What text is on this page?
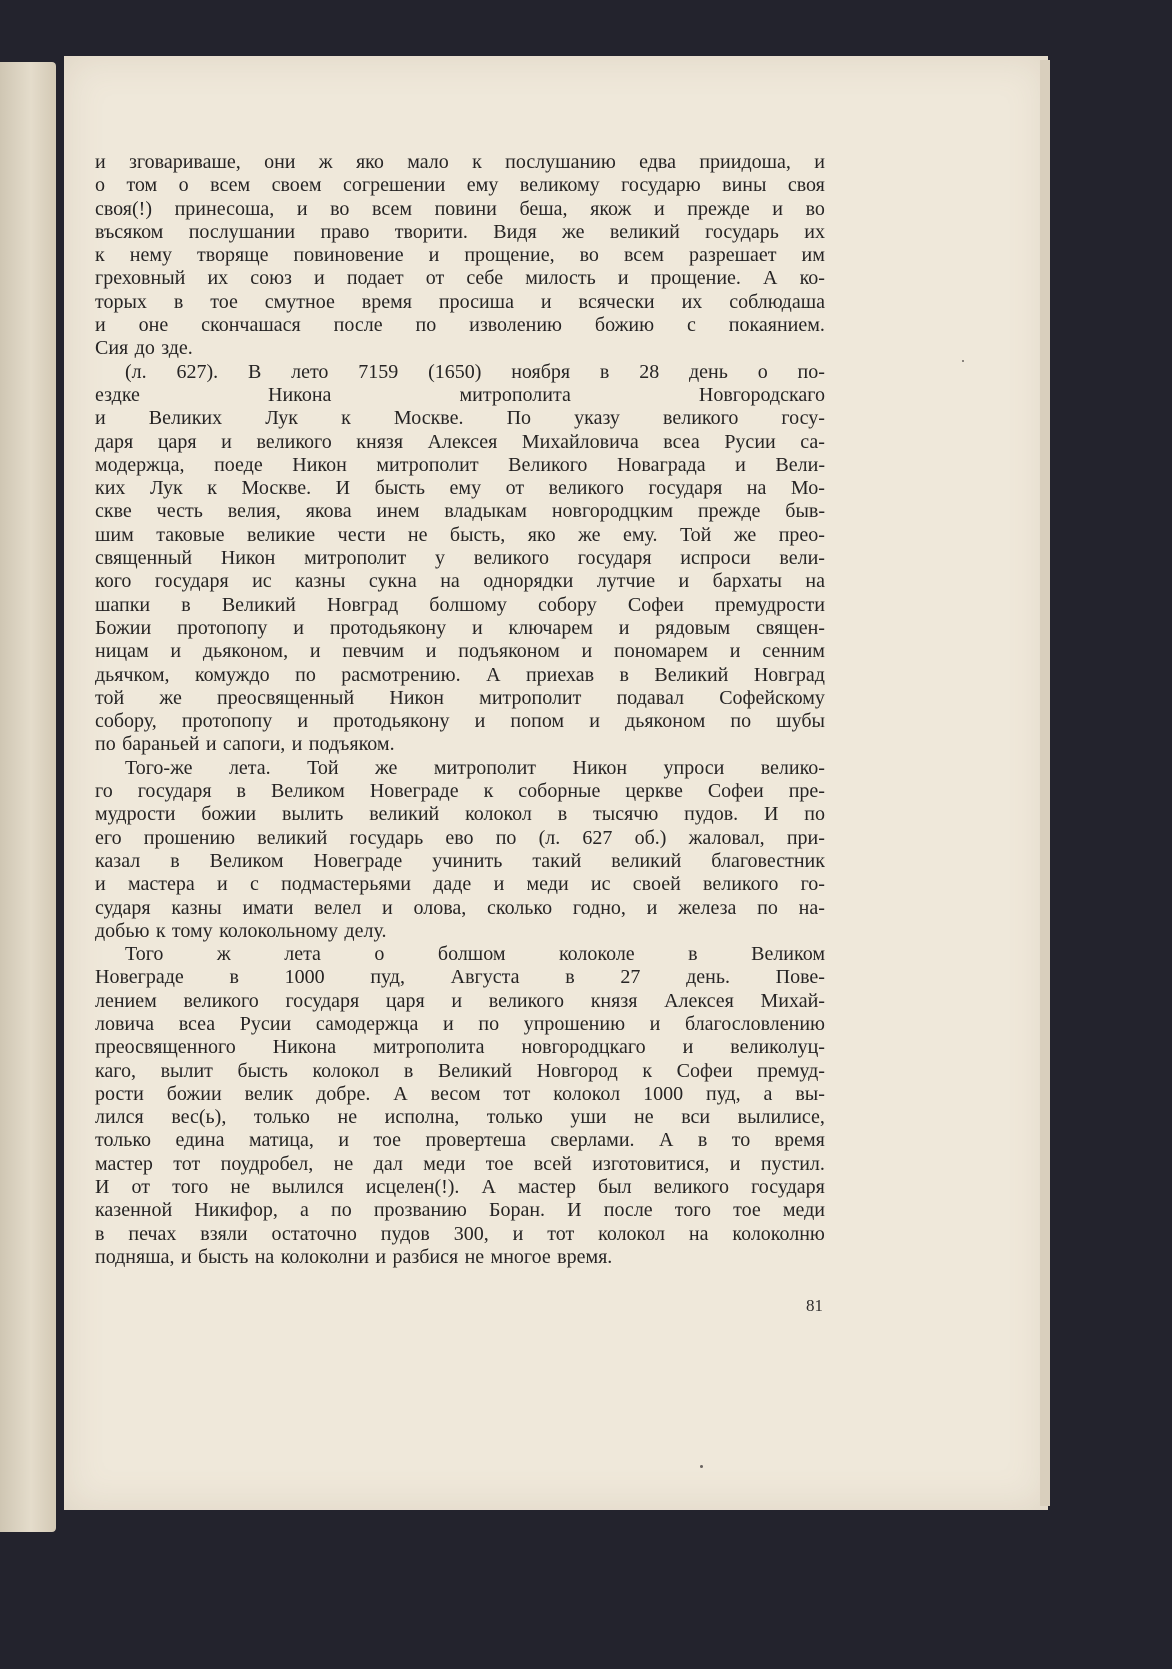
и зговариваше, они ж яко мало к послушанию едва приидоша, и
о том о всем своем согрешении ему великому государю вины своя
своя(!) принесоша, и во всем повини беша, якож и прежде и во
въсяком послушании право творити. Видя же великий государь их
к нему творяще повиновение и прощение, во всем разрешает им
греховный их союз и подает от себе милость и прощение. А ко-
торых в тое смутное время просиша и всячески их соблюдаша
и оне скончашася после по изволению божию с покаянием.
Сия до зде.
(л. 627). В лето 7159 (1650) ноября в 28 день о по-
ездке	Никона	митрополита	Новгородскаго
и Великих Лук к Москве. По указу великого госу-
даря царя и великого князя Алексея Михайловича всеа Русии са-
модержца, поеде Никон митрополит Великого Новаграда и Вели-
ких Лук к Москве. И бысть ему от великого государя на Мо-
скве честь велия, якова инем владыкам новгородцким прежде быв-
шим таковые великие чести не бысть, яко же ему. Той же прео-
священный Никон митрополит у великого государя испроси вели-
кого государя ис казны сукна на однорядки лутчие и бархаты на
шапки в Великий Новград болшому собору Софеи премудрости
Божии протопопу и протодьякону и ключарем и рядовым священ-
ницам и дьяконом, и певчим и подъяконом и пономарем и сенним
дьячком, комуждо по расмотрению. А приехав в Великий Новград
той же преосвященный Никон митрополит подавал Софейскому
собору, протопопу и протодьякону и попом и дьяконом по шубы
по бараньей и сапоги, и подъяком.
Того-же лета. Той же митрополит Никон упроси велико-
го государя в Великом Новеграде к соборные церкве Софеи пре-
мудрости божии вылить великий колокол в тысячю пудов. И по
его прошению великий государь ево по (л. 627 об.) жаловал, при-
казал в Великом Новеграде учинить такий великий благовестник
и мастера и с подмастерьями даде и меди ис своей великого го-
сударя казны имати велел и олова, сколько годно, и железа по на-
добью к тому колокольному делу.
Того	ж	лета	о	болшом	колоколе	в	Великом
Новеграде в 1000 пуд, Августа в 27 день. Пове-
лением великого государя царя и великого князя Алексея Михай-
ловича всеа Русии самодержца и по упрошению и благословлению
преосвященного Никона митрополита новгородцкаго и великолуц-
каго, вылит бысть колокол в Великий Новгород к Софеи премуд-
рости божии велик добре. А весом тот колокол 1000 пуд, а вы-
лился вес(ь), только не исполна, только уши не вси вылилисе,
только едина матица, и тое провертеша сверлами. А в то время
мастер тот поудробел, не дал меди тое всей изготовитися, и пустил.
И от того не вылился исцелен(!). А мастер был великого государя
казенной Никифор, а по прозванию Боран. И после того тое меди
в печах взяли остаточно пудов 300, и тот колокол на колоколню
подняша, и бысть на колоколни и разбися не многое время.
81
